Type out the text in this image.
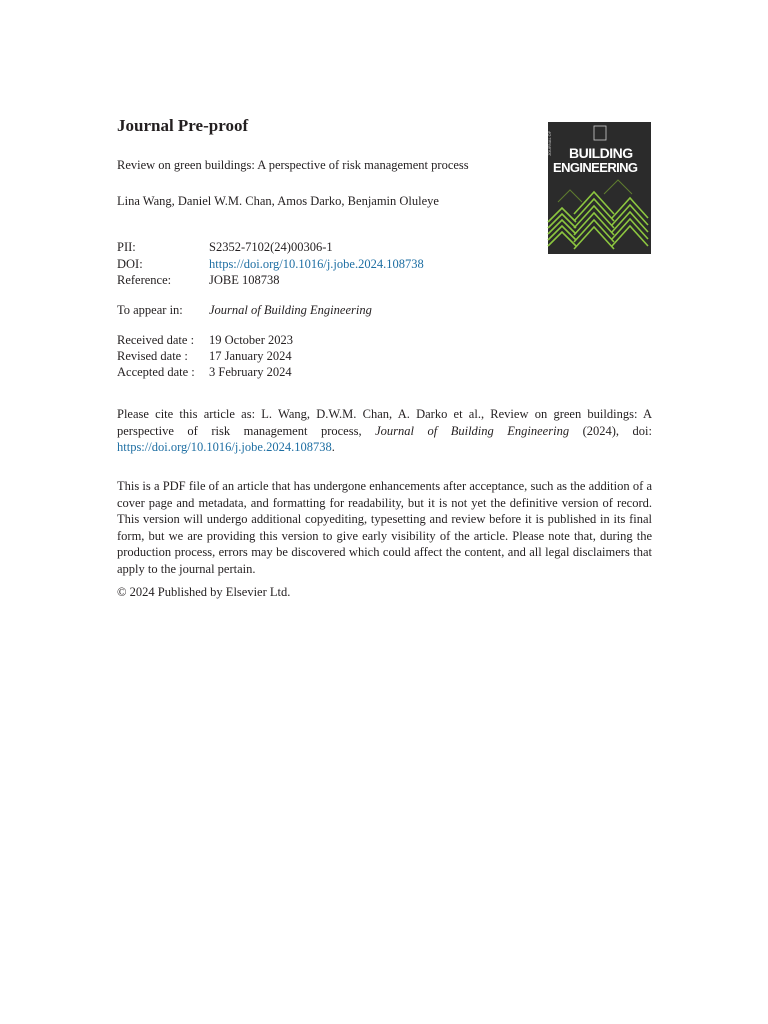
Journal Pre-proof
Review on green buildings: A perspective of risk management process
Lina Wang, Daniel W.M. Chan, Amos Darko, Benjamin Oluleye
PII:	S2352-7102(24)00306-1
DOI:	https://doi.org/10.1016/j.jobe.2024.108738
Reference:	JOBE 108738
To appear in: Journal of Building Engineering
Received date : 19 October 2023
Revised date : 17 January 2024
Accepted date : 3 February 2024
JOURNAL OF BUILDING
ENGINEERING
Please cite this article as: L. Wang, D.W.M. Chan, A. Darko et al., Review on green buildings: A perspective of risk management process, Journal of Building Engineering (2024), doi: https://doi.org/10.1016/j.jobe.2024.108738.
This is a PDF file of an article that has undergone enhancements after acceptance, such as the addition of a cover page and metadata, and formatting for readability, but it is not yet the definitive version of record. This version will undergo additional copyediting, typesetting and review before it is published in its final form, but we are providing this version to give early visibility of the article. Please note that, during the production process, errors may be discovered which could affect the content, and all legal disclaimers that apply to the journal pertain.
© 2024 Published by Elsevier Ltd.
